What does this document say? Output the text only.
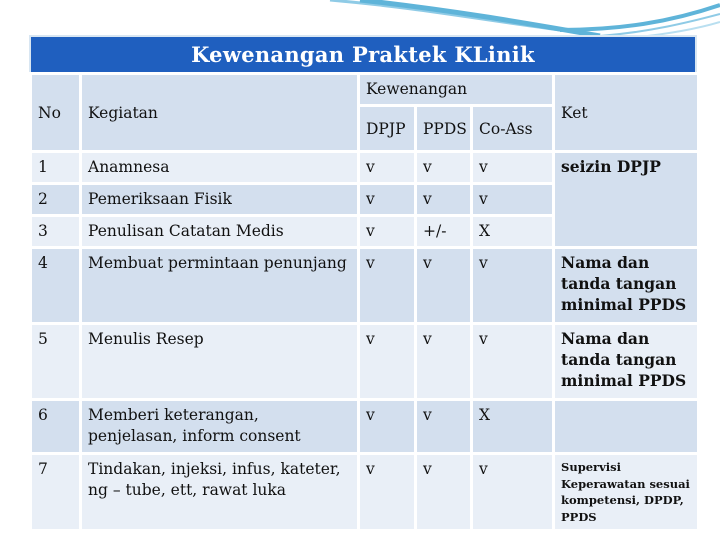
Kewenangan Praktek KLinik
No	Kegiatan	Kewenangan			Ket
		DPJP	PPDS	Co-Ass	
1	Anamnesa	v	v	v	seizin DPJP
2	Pemeriksaan Fisik	v	v	v	
3	Penulisan Catatan Medis	v	+/-	X	
4	Membuat permintaan penunjang	v	v	v	Nama dan tanda tangan minimal PPDS
5	Menulis Resep	v	v	v	Nama dan tanda tangan minimal PPDS
6	Memberi keterangan, penjelasan, inform consent	v	v	X	
7	Tindakan, injeksi, infus, kateter, ng – tube, ett, rawat luka	v	v	v	Supervisi Keperawatan sesuai kompetensi, DPDP, PPDS
